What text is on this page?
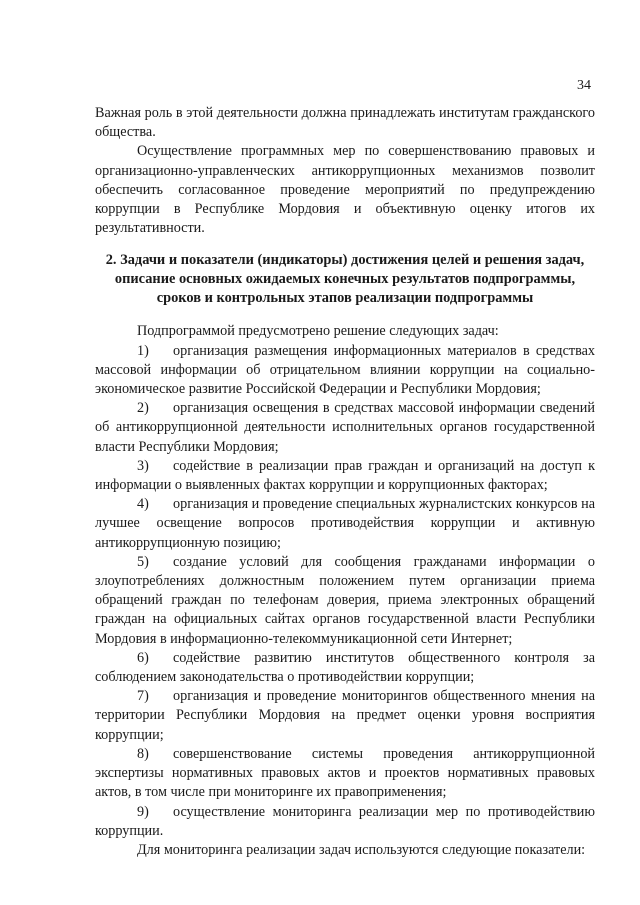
34

Важная роль в этой деятельности должна принадлежать институтам гражданского общества.

Осуществление программных мер по совершенствованию правовых и организационно-управленческих антикоррупционных механизмов позволит обеспечить согласованное проведение мероприятий по предупреждению коррупции в Республике Мордовия и объективную оценку итогов их результативности.

2. Задачи и показатели (индикаторы) достижения целей и решения задач, описание основных ожидаемых конечных результатов подпрограммы, сроков и контрольных этапов реализации подпрограммы

Подпрограммой предусмотрено решение следующих задач:

1) организация размещения информационных материалов в средствах массовой информации об отрицательном влиянии коррупции на социально-экономическое развитие Российской Федерации и Республики Мордовия;

2) организация освещения в средствах массовой информации сведений об антикоррупционной деятельности исполнительных органов государственной власти Республики Мордовия;

3) содействие в реализации прав граждан и организаций на доступ к информации о выявленных фактах коррупции и коррупционных факторах;

4) организация и проведение специальных журналистских конкурсов на лучшее освещение вопросов противодействия коррупции и активную антикоррупционную позицию;

5) создание условий для сообщения гражданами информации о злоупотреблениях должностным положением путем организации приема обращений граждан по телефонам доверия, приема электронных обращений граждан на официальных сайтах органов государственной власти Республики Мордовия в информационно-телекоммуникационной сети Интернет;

6) содействие развитию институтов общественного контроля за соблюдением законодательства о противодействии коррупции;

7) организация и проведение мониторингов общественного мнения на территории Республики Мордовия на предмет оценки уровня восприятия коррупции;

8) совершенствование системы проведения антикоррупционной экспертизы нормативных правовых актов и проектов нормативных правовых актов, в том числе при мониторинге их правоприменения;

9) осуществление мониторинга реализации мер по противодействию коррупции.

Для мониторинга реализации задач используются следующие показатели:
